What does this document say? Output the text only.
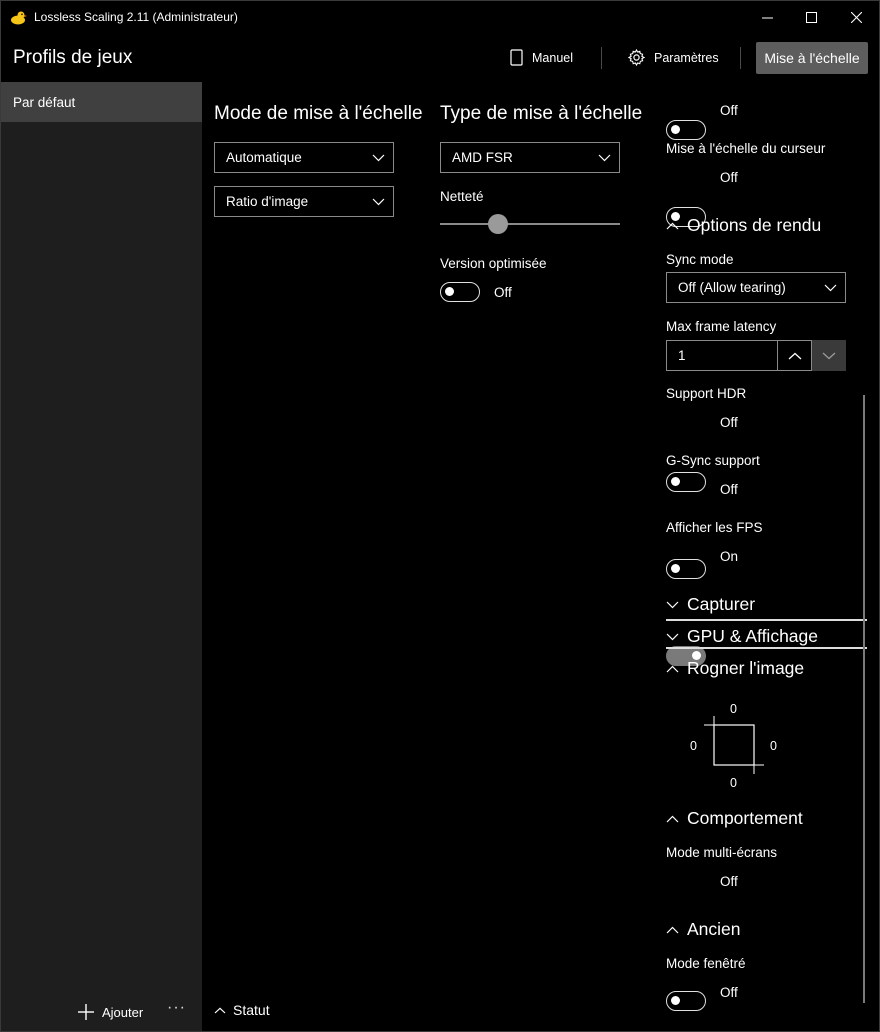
Lossless Scaling 2.11 (Administrateur)
Profils de jeux	Manuel	Paramètres	Mise à l'échelle
Par défaut
Ajouter ···
Mode de mise à l'échelle
Automatique
Ratio d'image
Type de mise à l'échelle
AMD FSR
Netteté
Version optimisée
Off
Off
Mise à l'échelle du curseur
Off
Options de rendu
Sync mode
Off (Allow tearing)
Max frame latency
1
Support HDR
Off
G-Sync support
Off
Afficher les FPS
On
Capturer
GPU & Affichage
Rogner l'image
0
0	0
0
Comportement
Mode multi-écrans
Off
Ancien
Mode fenêtré
Off
Statut
